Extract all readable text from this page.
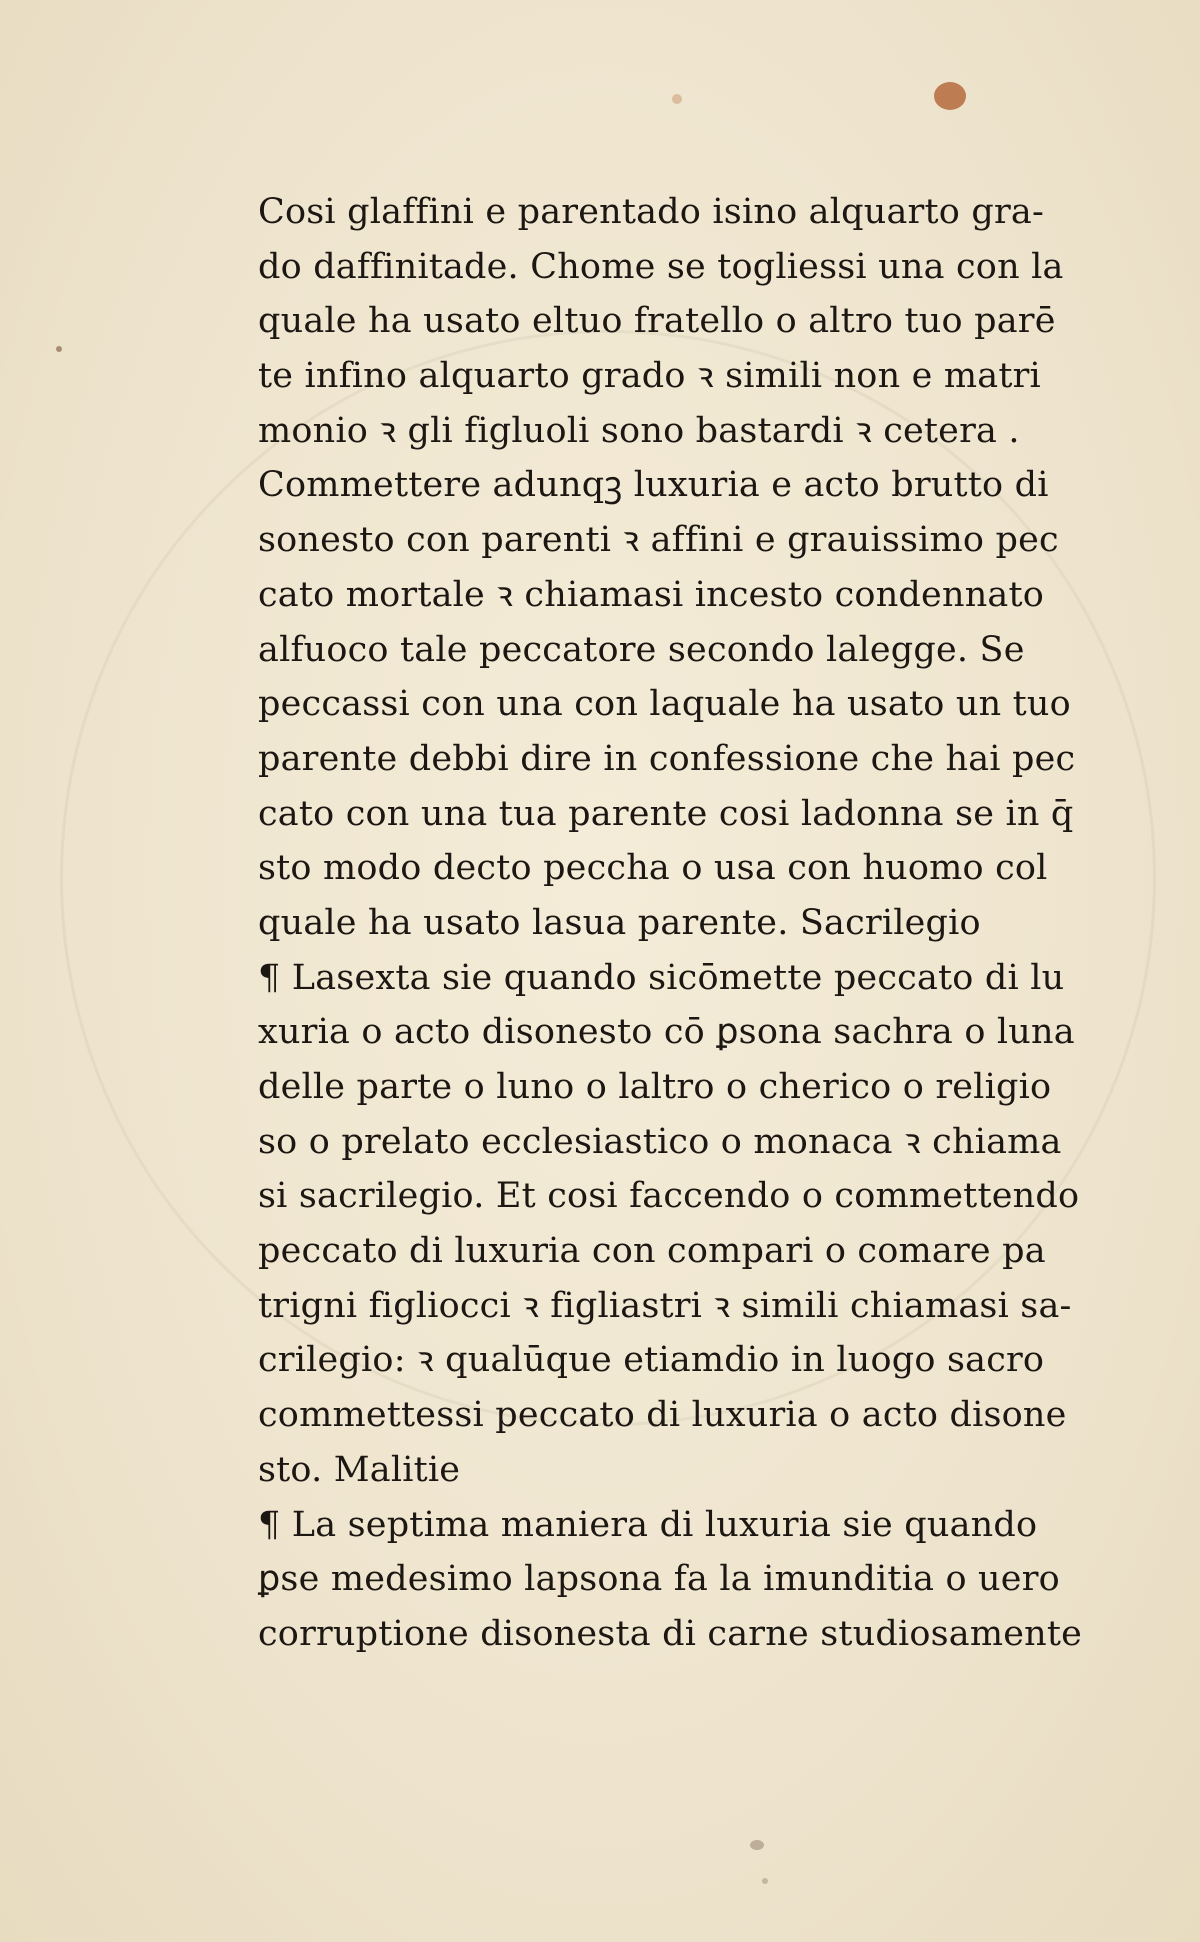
Cosi glaffini e parentado isino alquarto gra-
do daffinitade. Chome se togliessi una con la
quale ha usato eltuo fratello o altro tuo parē
te infino alquarto grado ꝛ simili non e matri
monio ꝛ gli figluoli sono bastardi ꝛ cetera .
Commettere adunqꝫ luxuria e acto brutto di
sonesto con parenti ꝛ affini e grauissimo pec
cato mortale ꝛ chiamasi incesto condennato
alfuoco tale peccatore secondo lalegge. Se
peccassi con una con laquale ha usato un tuo
parente debbi dire in confessione che hai pec
cato con una tua parente cosi ladonna se in q̄
sto modo decto peccha o usa con huomo col
quale ha usato lasua parente. Sacrilegio
¶ Lasexta sie quando sicōmette peccato di lu
xuria o acto disonesto cō ꝑsona sachra o luna
delle parte o luno o laltro o cherico o religio
so o prelato ecclesiastico o monaca ꝛ chiama
si sacrilegio. Et cosi faccendo o commettendo
peccato di luxuria con compari o comare pa
trigni figliocci ꝛ figliastri ꝛ simili chiamasi sa-
crilegio: ꝛ qualūque etiamdio in luogo sacro
commettessi peccato di luxuria o acto disone
sto. Malitie
¶ La septima maniera di luxuria sie quando
ꝑse medesimo lapsona fa la imunditia o uero
corruptione disonesta di carne studiosamente
